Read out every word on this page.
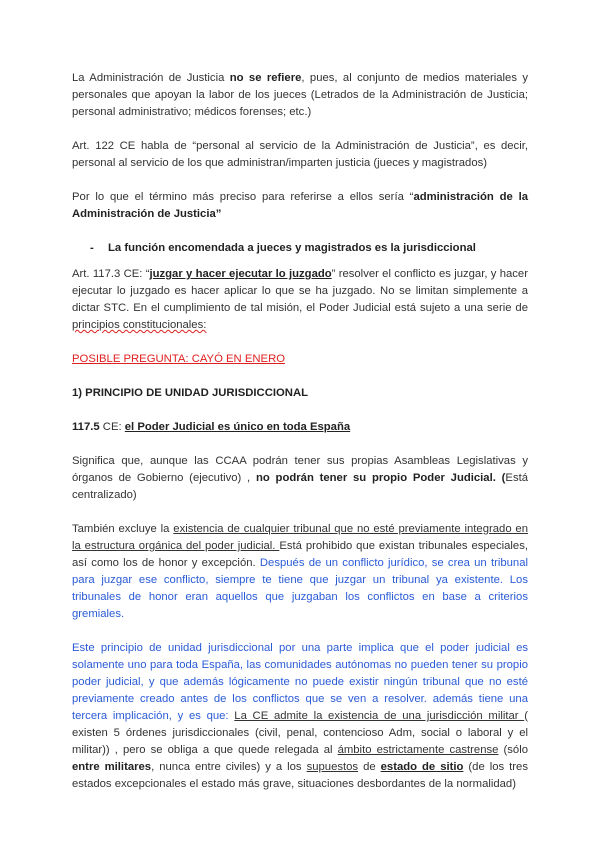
La Administración de Justicia no se refiere, pues, al conjunto de medios materiales y personales que apoyan la labor de los jueces (Letrados de la Administración de Justicia; personal administrativo; médicos forenses; etc.)

Art. 122 CE habla de “personal al servicio de la Administración de Justicia”, es decir, personal al servicio de los que administran/imparten justicia (jueces y magistrados)

Por lo que el término más preciso para referirse a ellos sería “administración de la Administración de Justicia”

-	La función encomendada a jueces y magistrados es la jurisdiccional

Art. 117.3 CE: “juzgar y hacer ejecutar lo juzgado” resolver el conflicto es juzgar, y hacer ejecutar lo juzgado es hacer aplicar lo que se ha juzgado. No se limitan simplemente a dictar STC. En el cumplimiento de tal misión, el Poder Judicial está sujeto a una serie de principios constitucionales:

POSIBLE PREGUNTA: CAYÓ EN ENERO

1) PRINCIPIO DE UNIDAD JURISDICCIONAL

117.5 CE: el Poder Judicial es único en toda España

Significa que, aunque las CCAA podrán tener sus propias Asambleas Legislativas y órganos de Gobierno (ejecutivo) , no podrán tener su propio Poder Judicial. (Está centralizado)

También excluye la existencia de cualquier tribunal que no esté previamente integrado en la estructura orgánica del poder judicial. Está prohibido que existan tribunales especiales, así como los de honor y excepción. Después de un conflicto jurídico, se crea un tribunal para juzgar ese conflicto, siempre te tiene que juzgar un tribunal ya existente. Los tribunales de honor eran aquellos que juzgaban los conflictos en base a criterios gremiales.

Este principio de unidad jurisdiccional por una parte implica que el poder judicial es solamente uno para toda España, las comunidades autónomas no pueden tener su propio poder judicial, y que además lógicamente no puede existir ningún tribunal que no esté previamente creado antes de los conflictos que se ven a resolver. además tiene una tercera implicación, y es que: La CE admite la existencia de una jurisdicción militar ( existen 5 órdenes jurisdiccionales (civil, penal, contencioso Adm, social o laboral y el militar)) , pero se obliga a que quede relegada al ámbito estrictamente castrense (sólo entre militares, nunca entre civiles) y a los supuestos de estado de sitio (de los tres estados excepcionales el estado más grave, situaciones desbordantes de la normalidad)
